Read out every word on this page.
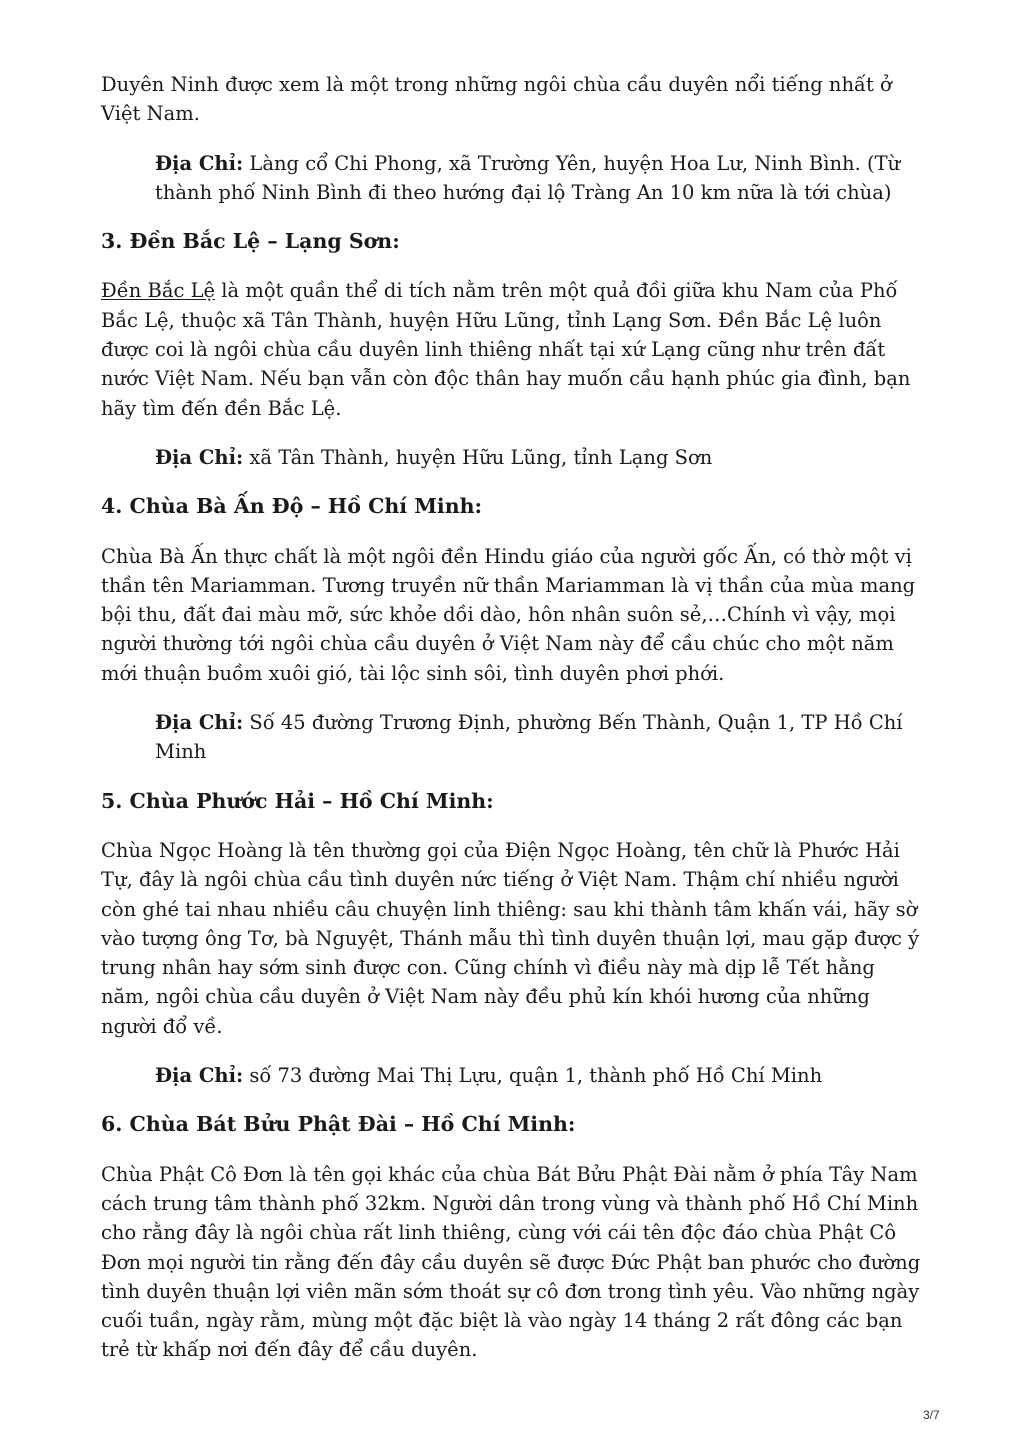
Duyên Ninh được xem là một trong những ngôi chùa cầu duyên nổi tiếng nhất ở Việt Nam.

Địa Chỉ: Làng cổ Chi Phong, xã Trường Yên, huyện Hoa Lư, Ninh Bình. (Từ thành phố Ninh Bình đi theo hướng đại lộ Tràng An 10 km nữa là tới chùa)

3. Đền Bắc Lệ – Lạng Sơn:

Đền Bắc Lệ là một quần thể di tích nằm trên một quả đồi giữa khu Nam của Phố Bắc Lệ, thuộc xã Tân Thành, huyện Hữu Lũng, tỉnh Lạng Sơn. Đền Bắc Lệ luôn được coi là ngôi chùa cầu duyên linh thiêng nhất tại xứ Lạng cũng như trên đất nước Việt Nam. Nếu bạn vẫn còn độc thân hay muốn cầu hạnh phúc gia đình, bạn hãy tìm đến đền Bắc Lệ.

Địa Chỉ: xã Tân Thành, huyện Hữu Lũng, tỉnh Lạng Sơn

4. Chùa Bà Ấn Độ – Hồ Chí Minh:

Chùa Bà Ấn thực chất là một ngôi đền Hindu giáo của người gốc Ấn, có thờ một vị thần tên Mariamman. Tương truyền nữ thần Mariamman là vị thần của mùa mang bội thu, đất đai màu mỡ, sức khỏe dồi dào, hôn nhân suôn sẻ,…Chính vì vậy, mọi người thường tới ngôi chùa cầu duyên ở Việt Nam này để cầu chúc cho một năm mới thuận buồm xuôi gió, tài lộc sinh sôi, tình duyên phơi phới.

Địa Chỉ: Số 45 đường Trương Định, phường Bến Thành, Quận 1, TP Hồ Chí Minh

5. Chùa Phước Hải – Hồ Chí Minh:

Chùa Ngọc Hoàng là tên thường gọi của Điện Ngọc Hoàng, tên chữ là Phước Hải Tự, đây là ngôi chùa cầu tình duyên nức tiếng ở Việt Nam. Thậm chí nhiều người còn ghé tai nhau nhiều câu chuyện linh thiêng: sau khi thành tâm khấn vái, hãy sờ vào tượng ông Tơ, bà Nguyệt, Thánh mẫu thì tình duyên thuận lợi, mau gặp được ý trung nhân hay sớm sinh được con. Cũng chính vì điều này mà dịp lễ Tết hằng năm, ngôi chùa cầu duyên ở Việt Nam này đều phủ kín khói hương của những người đổ về.

Địa Chỉ: số 73 đường Mai Thị Lựu, quận 1, thành phố Hồ Chí Minh

6. Chùa Bát Bửu Phật Đài – Hồ Chí Minh:

Chùa Phật Cô Đơn là tên gọi khác của chùa Bát Bửu Phật Đài nằm ở phía Tây Nam cách trung tâm thành phố 32km. Người dân trong vùng và thành phố Hồ Chí Minh cho rằng đây là ngôi chùa rất linh thiêng, cùng với cái tên độc đáo chùa Phật Cô Đơn mọi người tin rằng đến đây cầu duyên sẽ được Đức Phật ban phước cho đường tình duyên thuận lợi viên mãn sớm thoát sự cô đơn trong tình yêu. Vào những ngày cuối tuần, ngày rằm, mùng một đặc biệt là vào ngày 14 tháng 2 rất đông các bạn trẻ từ khấp nơi đến đây để cầu duyên.

3/7
